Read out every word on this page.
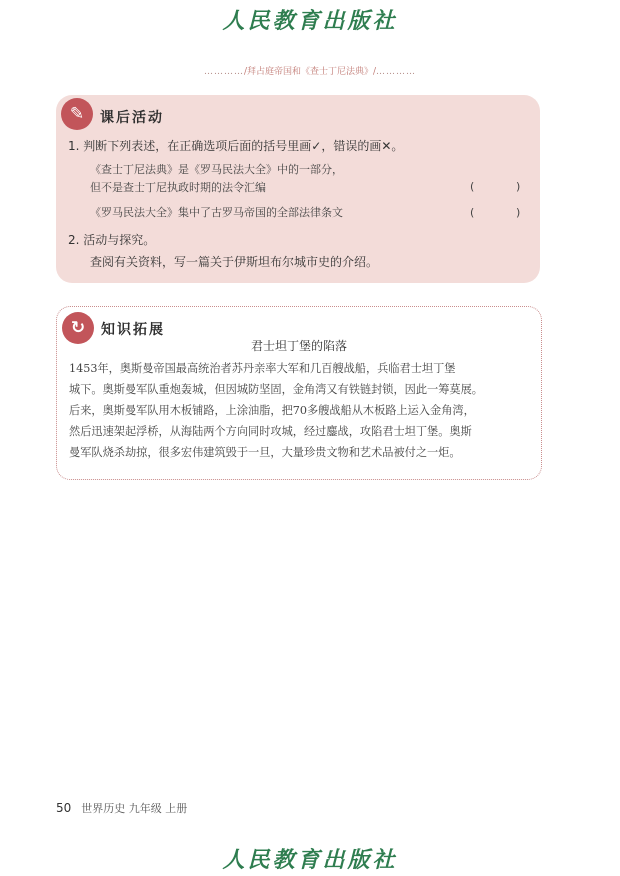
人民教育出版社
…………/拜占庭帝国和《查士丁尼法典》/…………
✎	课后活动
1. 判断下列表述，在正确选项后面的括号里画✓，错误的画✕。
《查士丁尼法典》是《罗马民法大全》中的一部分，
但不是查士丁尼执政时期的法令汇编	(	)
《罗马民法大全》集中了古罗马帝国的全部法律条文	(	)
2. 活动与探究。
查阅有关资料，写一篇关于伊斯坦布尔城市史的介绍。
↻	知识拓展
君士坦丁堡的陷落
1453年，奥斯曼帝国最高统治者苏丹亲率大军和几百艘战船，兵临君士坦丁堡
城下。奥斯曼军队重炮轰城，但因城防坚固，金角湾又有铁链封锁，因此一筹莫展。
后来，奥斯曼军队用木板铺路，上涂油脂，把70多艘战船从木板路上运入金角湾，
然后迅速架起浮桥，从海陆两个方向同时攻城，经过鏖战，攻陷君士坦丁堡。奥斯
曼军队烧杀劫掠，很多宏伟建筑毁于一旦，大量珍贵文物和艺术品被付之一炬。
50 世界历史 九年级 上册
人民教育出版社
